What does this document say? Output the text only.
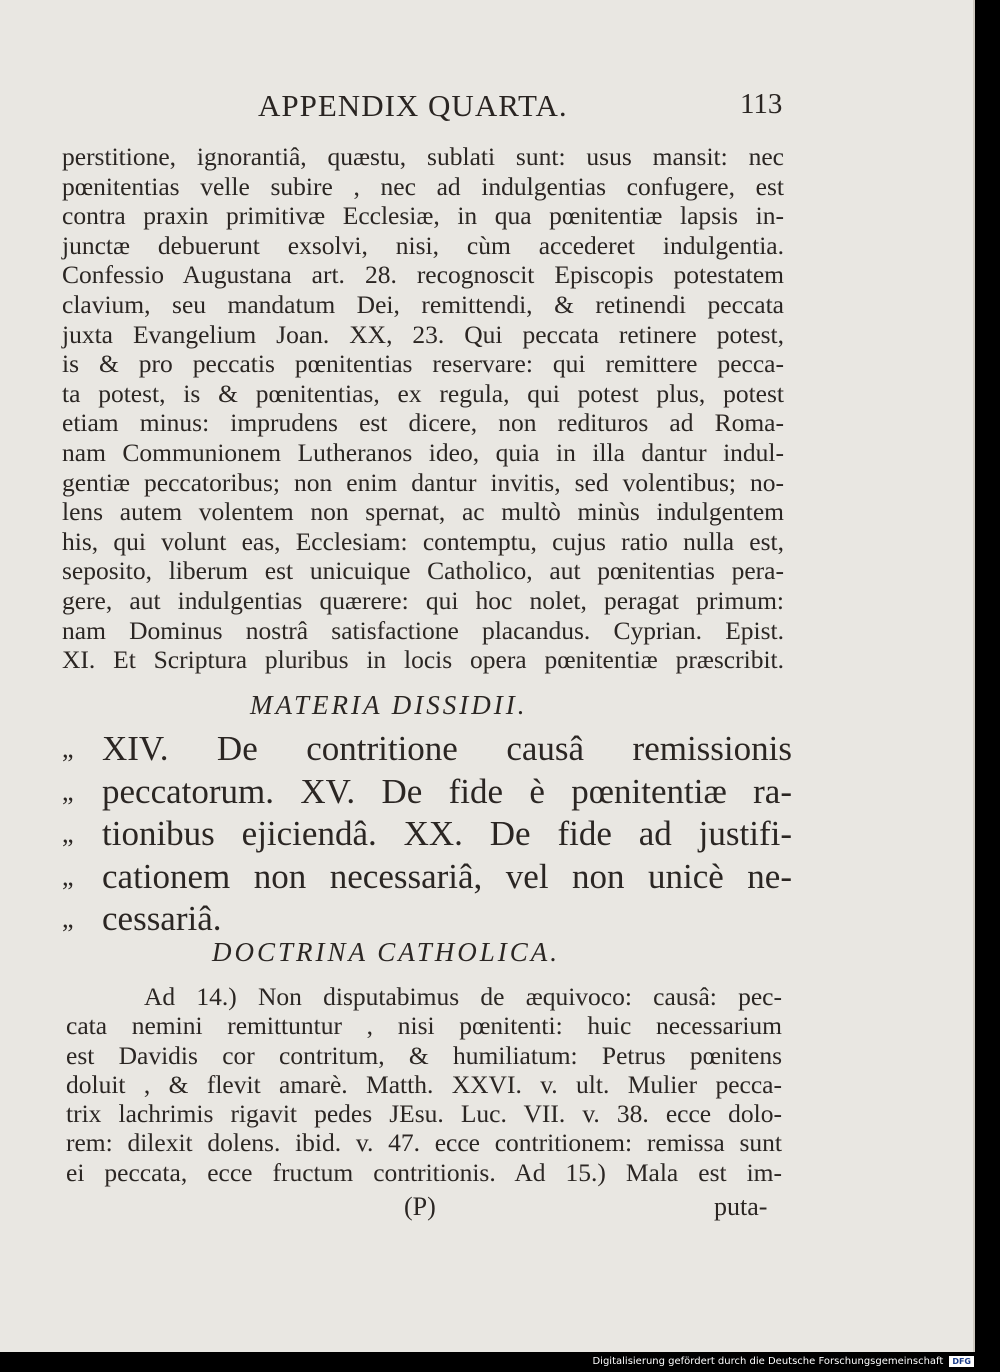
APPENDIX QUARTA.	113

perstitione, ignorantiâ, quæstu, sublati sunt: usus mansit: nec

pœnitentias velle subire , nec ad indulgentias confugere, est

contra praxin primitivæ Ecclesiæ, in qua pœnitentiæ lapsis in-

junctæ debuerunt exsolvi, nisi, cùm accederet indulgentia.

Confessio Augustana art. 28. recognoscit Episcopis potestatem

clavium, seu mandatum Dei, remittendi, & retinendi peccata

juxta Evangelium Joan. XX, 23. Qui peccata retinere potest,

is & pro peccatis pœnitentias reservare: qui remittere pecca-

ta potest, is & pœnitentias, ex regula, qui potest plus, potest

etiam minus: imprudens est dicere, non redituros ad Roma-

nam Communionem Lutheranos ideo, quia in illa dantur indul-

gentiæ peccatoribus; non enim dantur invitis, sed volentibus; no-

lens autem volentem non spernat, ac multò minùs indulgentem

his, qui volunt eas, Ecclesiam: contemptu, cujus ratio nulla est,

seposito, liberum est unicuique Catholico, aut pœnitentias pera-

gere, aut indulgentias quærere: qui hoc nolet, peragat primum:

nam Dominus nostrâ satisfactione placandus. Cyprian. Epist.

XI. Et Scriptura pluribus in locis opera pœnitentiæ præscribit.

MATERIA DISSIDII.
„ XIV. De contritione causâ remissionis
„ peccatorum. XV. De fide è pœnitentiæ ra-
„ tionibus ejiciendâ. XX. De fide ad justifi-
„ cationem non necessariâ, vel non unicè ne-
„ cessariâ.
DOCTRINA CATHOLICA.

Ad 14.) Non disputabimus de æquivoco: causâ: pec-

cata nemini remittuntur , nisi pœnitenti: huic necessarium

est Davidis cor contritum, & humiliatum: Petrus pœnitens

doluit , & flevit amarè. Matth. XXVI. v. ult. Mulier pecca-

trix lachrimis rigavit pedes JEsu. Luc. VII. v. 38. ecce dolo-

rem: dilexit dolens. ibid. v. 47. ecce contritionem: remissa sunt

ei peccata, ecce fructum contritionis. Ad 15.) Mala est im-

(P)	puta-
Digitalisierung gefördert durch die Deutsche Forschungsgemeinschaft	DFG
